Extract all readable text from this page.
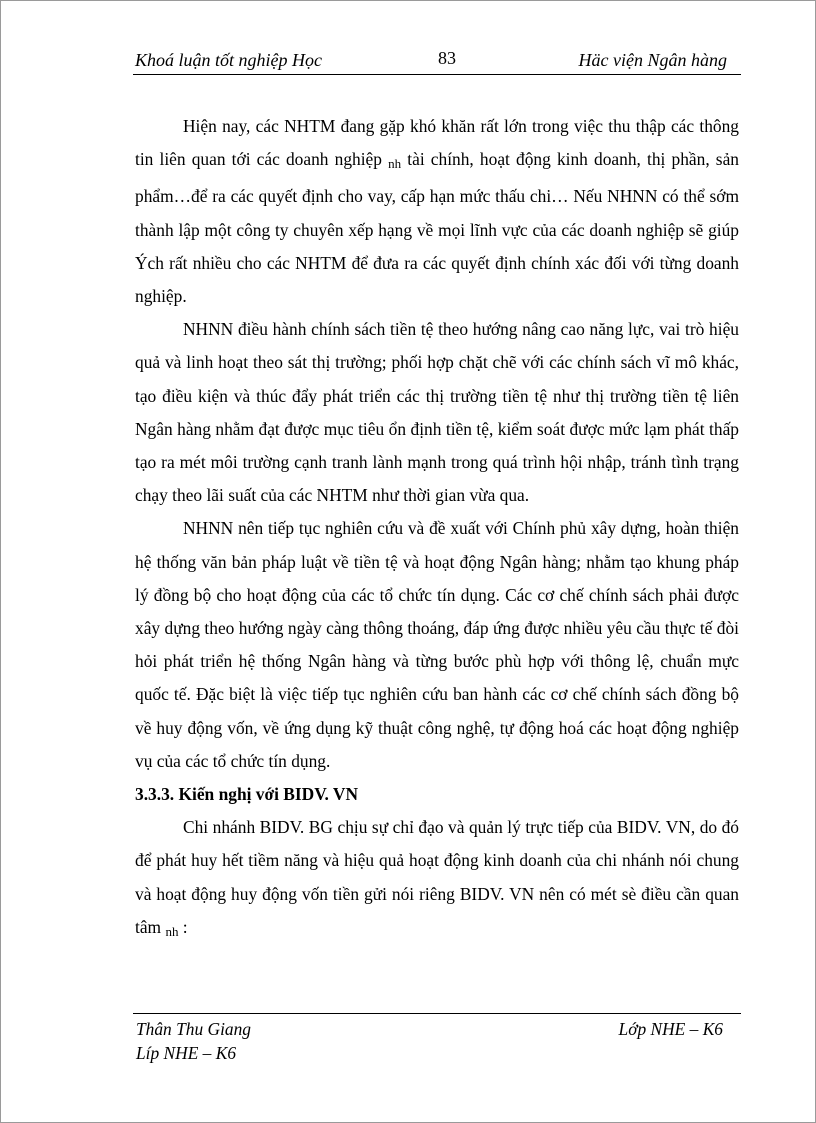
Khoá luận tốt nghiệp Học	83	Häc viện Ngân hàng

Hiện nay, các NHTM đang gặp khó khăn rất lớn trong việc thu thập các thông tin liên quan tới các doanh nghiệp nh tài chính, hoạt động kinh doanh, thị phần, sản phẩm…để ra các quyết định cho vay, cấp hạn mức thấu chi… Nếu NHNN có thể sớm thành lập một công ty chuyên xếp hạng về mọi lĩnh vực của các doanh nghiệp sẽ giúp Ých rất nhiều cho các NHTM để đưa ra các quyết định chính xác đối với từng doanh nghiệp.

NHNN điều hành chính sách tiền tệ theo hướng nâng cao năng lực, vai trò hiệu quả và linh hoạt theo sát thị trường; phối hợp chặt chẽ với các chính sách vĩ mô khác, tạo điều kiện và thúc đẩy phát triển các thị trường tiền tệ như thị trường tiền tệ liên Ngân hàng nhằm đạt được mục tiêu ổn định tiền tệ, kiểm soát được mức lạm phát thấp tạo ra mét môi trường cạnh tranh lành mạnh trong quá trình hội nhập, tránh tình trạng chạy theo lãi suất của các NHTM như thời gian vừa qua.

NHNN nên tiếp tục nghiên cứu và đề xuất với Chính phủ xây dựng, hoàn thiện hệ thống văn bản pháp luật về tiền tệ và hoạt động Ngân hàng; nhằm tạo khung pháp lý đồng bộ cho hoạt động của các tổ chức tín dụng. Các cơ chế chính sách phải được xây dựng theo hướng ngày càng thông thoáng, đáp ứng được nhiều yêu cầu thực tế đòi hỏi phát triển hệ thống Ngân hàng và từng bước phù hợp với thông lệ, chuẩn mực quốc tế. Đặc biệt là việc tiếp tục nghiên cứu ban hành các cơ chế chính sách đồng bộ về huy động vốn, về ứng dụng kỹ thuật công nghệ, tự động hoá các hoạt động nghiệp vụ của các tổ chức tín dụng.

3.3.3. Kiến nghị với BIDV. VN

Chi nhánh BIDV. BG chịu sự chỉ đạo và quản lý trực tiếp của BIDV. VN, do đó để phát huy hết tiềm năng và hiệu quả hoạt động kinh doanh của chi nhánh nói chung và hoạt động huy động vốn tiền gửi nói riêng BIDV. VN nên có mét sè điều cần quan tâm nh :

Thân Thu Giang
Líp NHE – K6
Lớp NHE – K6
